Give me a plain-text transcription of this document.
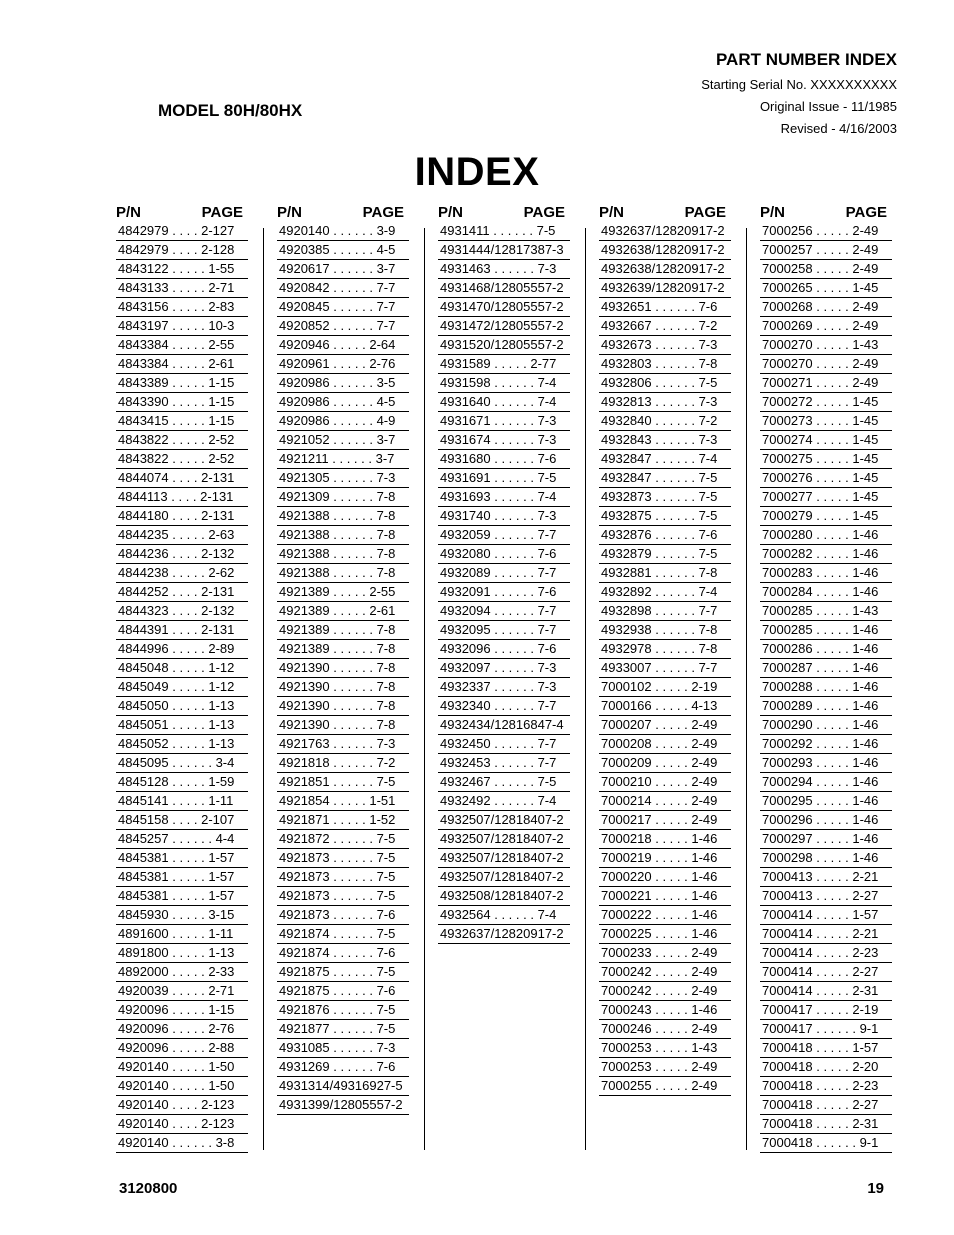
PART NUMBER INDEX
Starting Serial No. XXXXXXXXXX
Original Issue - 11/1985
Revised - 4/16/2003
MODEL 80H/80HX
INDEX
P/N	PAGE
4842979 . . . . 2-127
4842979 . . . . 2-128
4843122 . . . . . 1-55
4843133 . . . . . 2-71
4843156 . . . . . 2-83
4843197 . . . . . 10-3
4843384 . . . . . 2-55
4843384 . . . . . 2-61
4843389 . . . . . 1-15
4843390 . . . . . 1-15
4843415 . . . . . 1-15
4843822 . . . . . 2-52
4843822 . . . . . 2-52
4844074 . . . . 2-131
4844113 . . . . 2-131
4844180 . . . . 2-131
4844235 . . . . . 2-63
4844236 . . . . 2-132
4844238 . . . . . 2-62
4844252 . . . . 2-131
4844323 . . . . 2-132
4844391 . . . . 2-131
4844996 . . . . . 2-89
4845048 . . . . . 1-12
4845049 . . . . . 1-12
4845050 . . . . . 1-13
4845051 . . . . . 1-13
4845052 . . . . . 1-13
4845095 . . . . . . 3-4
4845128 . . . . . 1-59
4845141 . . . . . 1-11
4845158 . . . . 2-107
4845257 . . . . . . 4-4
4845381 . . . . . 1-57
4845381 . . . . . 1-57
4845381 . . . . . 1-57
4845930 . . . . . 3-15
4891600 . . . . . 1-11
4891800 . . . . . 1-13
4892000 . . . . . 2-33
4920039 . . . . . 2-71
4920096 . . . . . 1-15
4920096 . . . . . 2-76
4920096 . . . . . 2-88
4920140 . . . . . 1-50
4920140 . . . . . 1-50
4920140 . . . . 2-123
4920140 . . . . 2-123
4920140 . . . . . . 3-8
P/N	PAGE
4920140 . . . . . . 3-9
4920385 . . . . . . 4-5
4920617 . . . . . . 3-7
4920842 . . . . . . 7-7
4920845 . . . . . . 7-7
4920852 . . . . . . 7-7
4920946 . . . . . 2-64
4920961 . . . . . 2-76
4920986 . . . . . . 3-5
4920986 . . . . . . 4-5
4920986 . . . . . . 4-9
4921052 . . . . . . 3-7
4921211 . . . . . . 3-7
4921305 . . . . . . 7-3
4921309 . . . . . . 7-8
4921388 . . . . . . 7-8
4921388 . . . . . . 7-8
4921388 . . . . . . 7-8
4921388 . . . . . . 7-8
4921389 . . . . . 2-55
4921389 . . . . . 2-61
4921389 . . . . . . 7-8
4921389 . . . . . . 7-8
4921390 . . . . . . 7-8
4921390 . . . . . . 7-8
4921390 . . . . . . 7-8
4921390 . . . . . . 7-8
4921763 . . . . . . 7-3
4921818 . . . . . . 7-2
4921851 . . . . . . 7-5
4921854 . . . . . 1-51
4921871 . . . . . 1-52
4921872 . . . . . . 7-5
4921873 . . . . . . 7-5
4921873 . . . . . . 7-5
4921873 . . . . . . 7-5
4921873 . . . . . . 7-6
4921874 . . . . . . 7-5
4921874 . . . . . . 7-6
4921875 . . . . . . 7-5
4921875 . . . . . . 7-6
4921876 . . . . . . 7-5
4921877 . . . . . . 7-5
4931085 . . . . . . 7-3
4931269 . . . . . . 7-6
4931314/49316927-5
4931399/12805557-2
P/N	PAGE
4931411 . . . . . . 7-5
4931444/12817387-3
4931463 . . . . . . 7-3
4931468/12805557-2
4931470/12805557-2
4931472/12805557-2
4931520/12805557-2
4931589 . . . . . 2-77
4931598 . . . . . . 7-4
4931640 . . . . . . 7-4
4931671 . . . . . . 7-3
4931674 . . . . . . 7-3
4931680 . . . . . . 7-6
4931691 . . . . . . 7-5
4931693 . . . . . . 7-4
4931740 . . . . . . 7-3
4932059 . . . . . . 7-7
4932080 . . . . . . 7-6
4932089 . . . . . . 7-7
4932091 . . . . . . 7-6
4932094 . . . . . . 7-7
4932095 . . . . . . 7-7
4932096 . . . . . . 7-6
4932097 . . . . . . 7-3
4932337 . . . . . . 7-3
4932340 . . . . . . 7-7
4932434/12816847-4
4932450 . . . . . . 7-7
4932453 . . . . . . 7-7
4932467 . . . . . . 7-5
4932492 . . . . . . 7-4
4932507/12818407-2
4932507/12818407-2
4932507/12818407-2
4932507/12818407-2
4932508/12818407-2
4932564 . . . . . . 7-4
4932637/12820917-2
P/N	PAGE
4932637/12820917-2
4932638/12820917-2
4932638/12820917-2
4932639/12820917-2
4932651 . . . . . . 7-6
4932667 . . . . . . 7-2
4932673 . . . . . . 7-3
4932803 . . . . . . 7-8
4932806 . . . . . . 7-5
4932813 . . . . . . 7-3
4932840 . . . . . . 7-2
4932843 . . . . . . 7-3
4932847 . . . . . . 7-4
4932847 . . . . . . 7-5
4932873 . . . . . . 7-5
4932875 . . . . . . 7-5
4932876 . . . . . . 7-6
4932879 . . . . . . 7-5
4932881 . . . . . . 7-8
4932892 . . . . . . 7-4
4932898 . . . . . . 7-7
4932938 . . . . . . 7-8
4932978 . . . . . . 7-8
4933007 . . . . . . 7-7
7000102 . . . . . 2-19
7000166 . . . . . 4-13
7000207 . . . . . 2-49
7000208 . . . . . 2-49
7000209 . . . . . 2-49
7000210 . . . . . 2-49
7000214 . . . . . 2-49
7000217 . . . . . 2-49
7000218 . . . . . 1-46
7000219 . . . . . 1-46
7000220 . . . . . 1-46
7000221 . . . . . 1-46
7000222 . . . . . 1-46
7000225 . . . . . 1-46
7000233 . . . . . 2-49
7000242 . . . . . 2-49
7000242 . . . . . 2-49
7000243 . . . . . 1-46
7000246 . . . . . 2-49
7000253 . . . . . 1-43
7000253 . . . . . 2-49
7000255 . . . . . 2-49
P/N	PAGE
7000256 . . . . . 2-49
7000257 . . . . . 2-49
7000258 . . . . . 2-49
7000265 . . . . . 1-45
7000268 . . . . . 2-49
7000269 . . . . . 2-49
7000270 . . . . . 1-43
7000270 . . . . . 2-49
7000271 . . . . . 2-49
7000272 . . . . . 1-45
7000273 . . . . . 1-45
7000274 . . . . . 1-45
7000275 . . . . . 1-45
7000276 . . . . . 1-45
7000277 . . . . . 1-45
7000279 . . . . . 1-45
7000280 . . . . . 1-46
7000282 . . . . . 1-46
7000283 . . . . . 1-46
7000284 . . . . . 1-46
7000285 . . . . . 1-43
7000285 . . . . . 1-46
7000286 . . . . . 1-46
7000287 . . . . . 1-46
7000288 . . . . . 1-46
7000289 . . . . . 1-46
7000290 . . . . . 1-46
7000292 . . . . . 1-46
7000293 . . . . . 1-46
7000294 . . . . . 1-46
7000295 . . . . . 1-46
7000296 . . . . . 1-46
7000297 . . . . . 1-46
7000298 . . . . . 1-46
7000413 . . . . . 2-21
7000413 . . . . . 2-27
7000414 . . . . . 1-57
7000414 . . . . . 2-21
7000414 . . . . . 2-23
7000414 . . . . . 2-27
7000414 . . . . . 2-31
7000417 . . . . . 2-19
7000417 . . . . . . 9-1
7000418 . . . . . 1-57
7000418 . . . . . 2-20
7000418 . . . . . 2-23
7000418 . . . . . 2-27
7000418 . . . . . 2-31
7000418 . . . . . . 9-1
3120800	19
